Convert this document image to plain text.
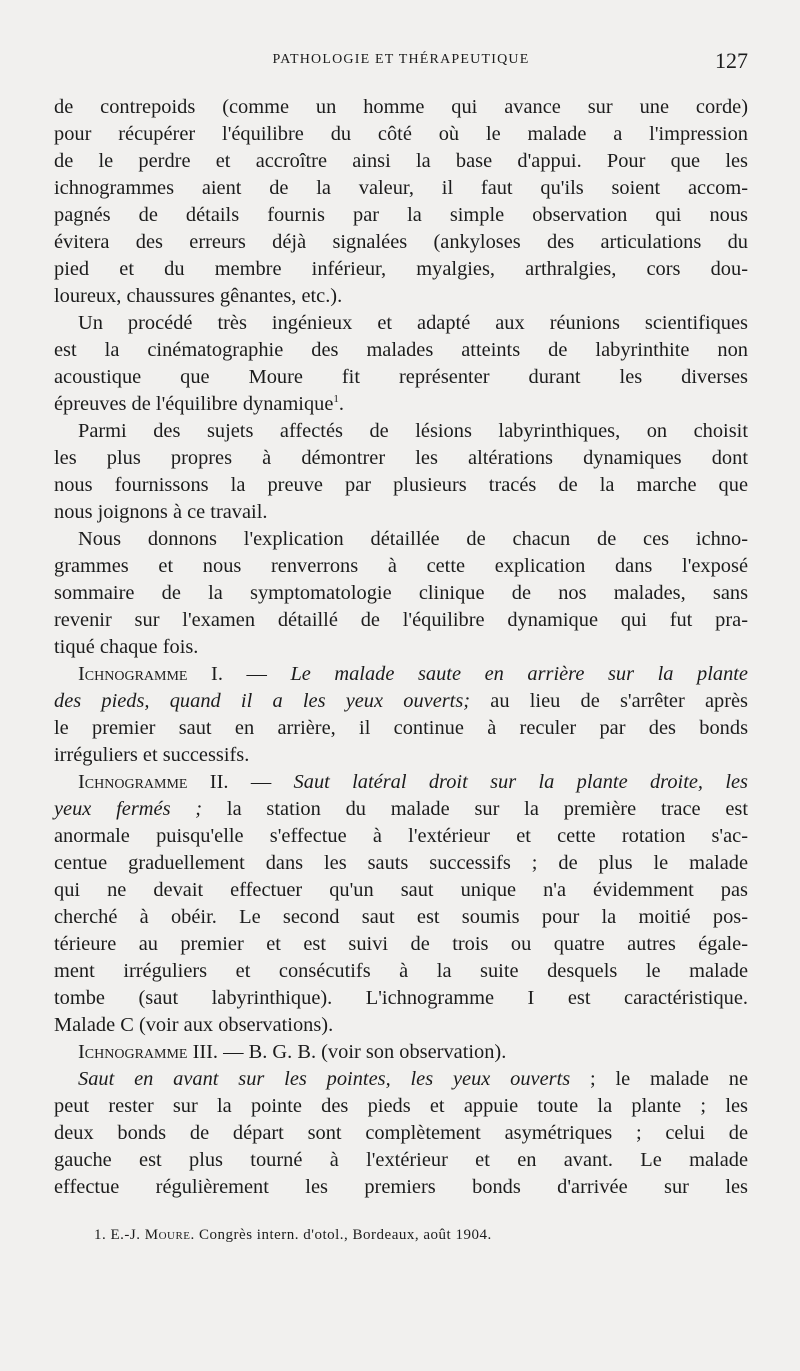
PATHOLOGIE ET THÉRAPEUTIQUE	127
de contrepoids (comme un homme qui avance sur une corde)
pour récupérer l'équilibre du côté où le malade a l'impression
de le perdre et accroître ainsi la base d'appui. Pour que les
ichnogrammes aient de la valeur, il faut qu'ils soient accom-
pagnés de détails fournis par la simple observation qui nous
évitera des erreurs déjà signalées (ankyloses des articulations du
pied et du membre inférieur, myalgies, arthralgies, cors dou-
loureux, chaussures gênantes, etc.).
Un procédé très ingénieux et adapté aux réunions scientifiques
est la cinématographie des malades atteints de labyrinthite non
acoustique que Moure fit représenter durant les diverses
épreuves de l'équilibre dynamique$^1$.
Parmi des sujets affectés de lésions labyrinthiques, on choisit
les plus propres à démontrer les altérations dynamiques dont
nous fournissons la preuve par plusieurs tracés de la marche que
nous joignons à ce travail.
Nous donnons l'explication détaillée de chacun de ces ichno-
grammes et nous renverrons à cette explication dans l'exposé
sommaire de la symptomatologie clinique de nos malades, sans
revenir sur l'examen détaillé de l'équilibre dynamique qui fut pra-
tiqué chaque fois.
Ichnogramme I. — Le malade saute en arrière sur la plante
des pieds, quand il a les yeux ouverts; au lieu de s'arrêter après
le premier saut en arrière, il continue à reculer par des bonds
irréguliers et successifs.
Ichnogramme II. — Saut latéral droit sur la plante droite, les
yeux fermés ; la station du malade sur la première trace est
anormale puisqu'elle s'effectue à l'extérieur et cette rotation s'ac-
centue graduellement dans les sauts successifs ; de plus le malade
qui ne devait effectuer qu'un saut unique n'a évidemment pas
cherché à obéir. Le second saut est soumis pour la moitié pos-
térieure au premier et est suivi de trois ou quatre autres égale-
ment irréguliers et consécutifs à la suite desquels le malade
tombe (saut labyrinthique). L'ichnogramme I est caractéristique.
Malade C (voir aux observations).
Ichnogramme III. — B. G. B. (voir son observation).
Saut en avant sur les pointes, les yeux ouverts ; le malade ne
peut rester sur la pointe des pieds et appuie toute la plante ; les
deux bonds de départ sont complètement asymétriques ; celui de
gauche est plus tourné à l'extérieur et en avant. Le malade
effectue régulièrement les premiers bonds d'arrivée sur les
1. E.-J. Moure. Congrès intern. d'otol., Bordeaux, août 1904.
